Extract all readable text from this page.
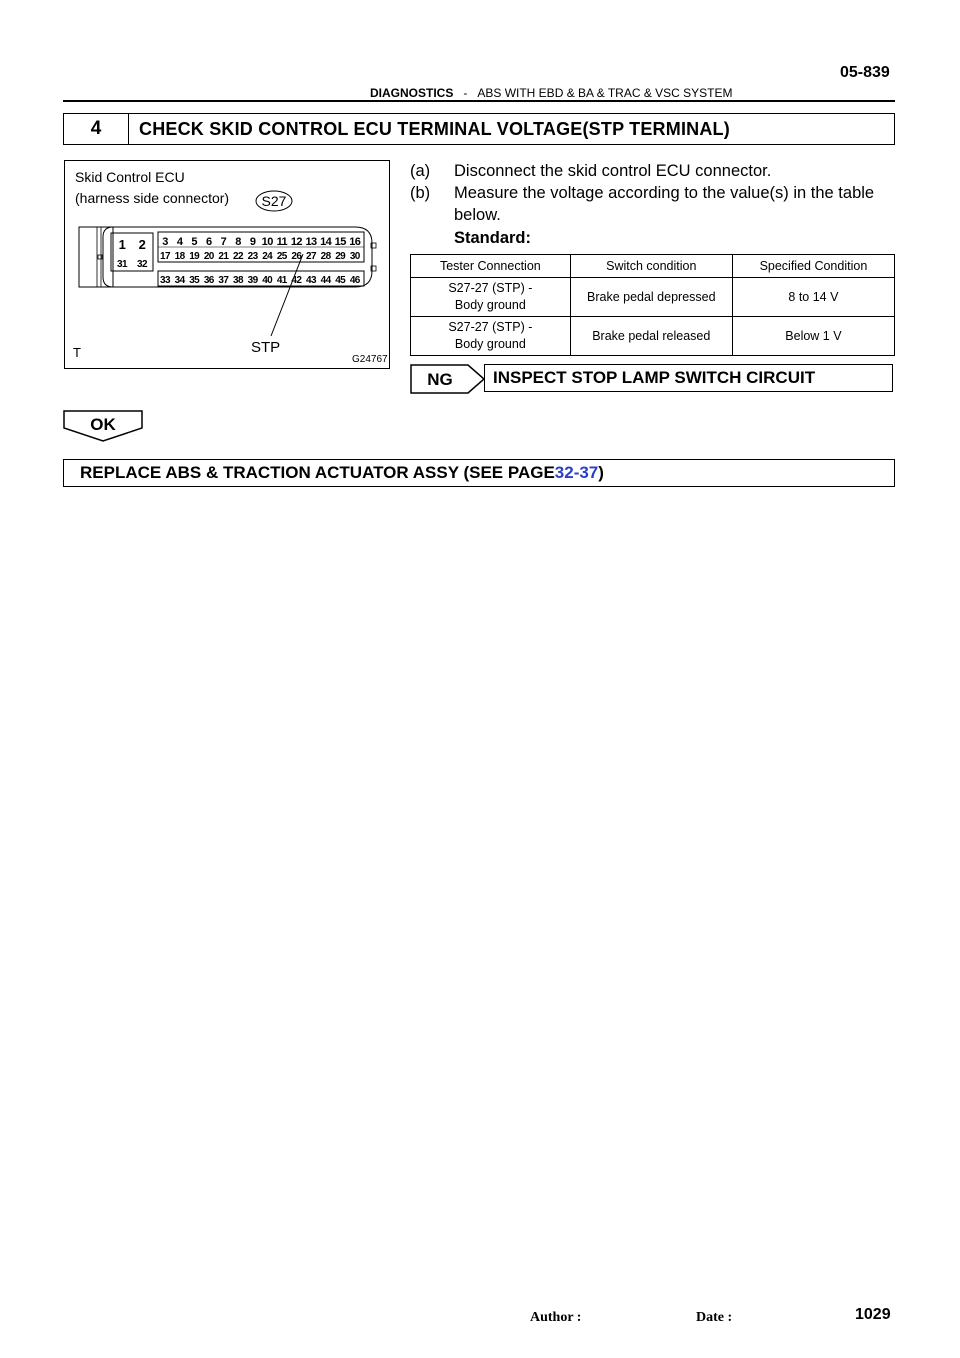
05-839
DIAGNOSTICS - ABS WITH EBD & BA & TRAC & VSC SYSTEM
4	CHECK SKID CONTROL ECU TERMINAL VOLTAGE(STP TERMINAL)
Skid Control ECU
(harness side connector) S27
3 4 5 6 7 8 9 10 11 12 13 14 15 16
17 18 19 20 21 22 23 24 25 26 27 28 29 30
33 34 35 36 37 38 39 40 41 42 43 44 45 46
1 2
31 32
STP
T	G24767
(a) Disconnect the skid control ECU connector.
(b) Measure the voltage according to the value(s) in the table
below.
Standard:
Tester Connection	Switch condition	Specified Condition

S27-27 (STP) -
Body ground	Brake pedal depressed	8 to 14 V

S27-27 (STP) -
Body ground	Brake pedal released	Below 1 V
NG	INSPECT STOP LAMP SWITCH CIRCUIT
OK
REPLACE ABS & TRACTION ACTUATOR ASSY (SEE PAGE 32-37 )
Author :	Date :	1029
